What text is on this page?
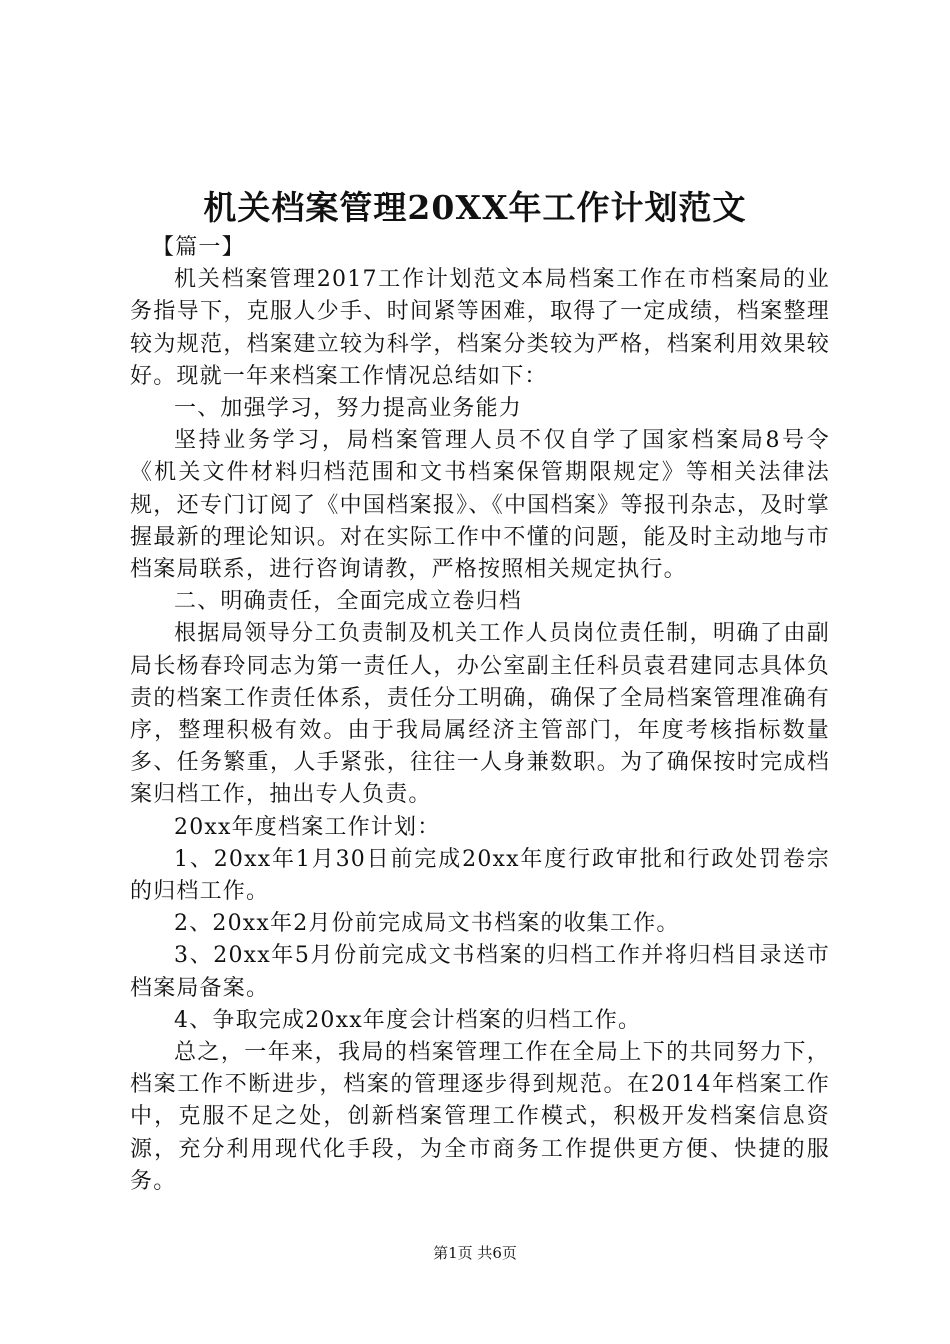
机关档案管理20XX年工作计划范文

【篇一】

机关档案管理2017工作计划范文本局档案工作在市档案局的业务指导下，克服人少手、时间紧等困难，取得了一定成绩，档案整理较为规范，档案建立较为科学，档案分类较为严格，档案利用效果较好。现就一年来档案工作情况总结如下：

一、加强学习，努力提高业务能力

坚持业务学习，局档案管理人员不仅自学了国家档案局8号令《机关文件材料归档范围和文书档案保管期限规定》等相关法律法规，还专门订阅了《中国档案报》、《中国档案》等报刊杂志，及时掌握最新的理论知识。对在实际工作中不懂的问题，能及时主动地与市档案局联系，进行咨询请教，严格按照相关规定执行。

二、明确责任，全面完成立卷归档

根据局领导分工负责制及机关工作人员岗位责任制，明确了由副局长杨春玲同志为第一责任人，办公室副主任科员袁君建同志具体负责的档案工作责任体系，责任分工明确，确保了全局档案管理准确有序，整理积极有效。由于我局属经济主管部门，年度考核指标数量多、任务繁重，人手紧张，往往一人身兼数职。为了确保按时完成档案归档工作，抽出专人负责。

20xx年度档案工作计划：

1、20xx年1月30日前完成20xx年度行政审批和行政处罚卷宗的归档工作。

2、20xx年2月份前完成局文书档案的收集工作。

3、20xx年5月份前完成文书档案的归档工作并将归档目录送市档案局备案。

4、争取完成20xx年度会计档案的归档工作。

总之，一年来，我局的档案管理工作在全局上下的共同努力下，档案工作不断进步，档案的管理逐步得到规范。在2014年档案工作中，克服不足之处，创新档案管理工作模式，积极开发档案信息资源，充分利用现代化手段，为全市商务工作提供更方便、快捷的服务。

第1页 共6页
